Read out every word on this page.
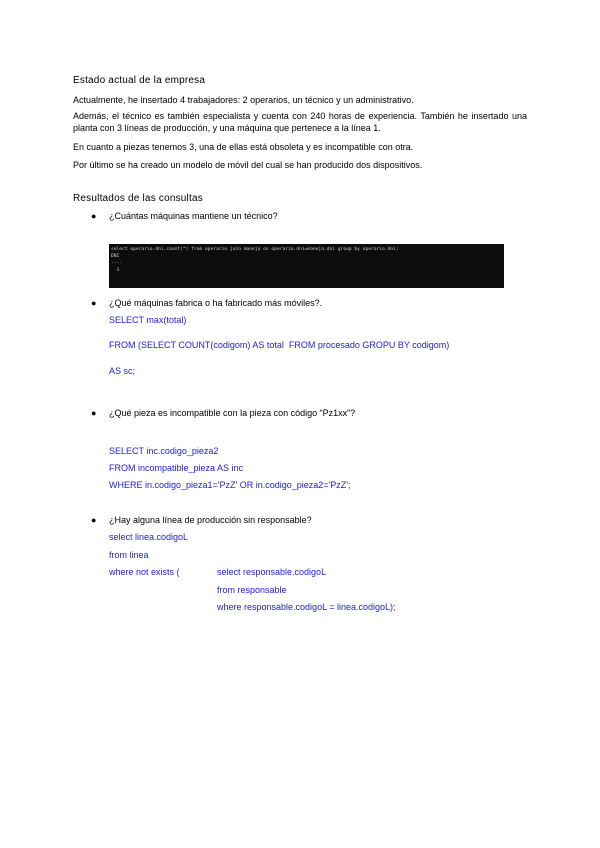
Estado actual de la empresa
Actualmente, he insertado 4 trabajadores: 2 operarios, un técnico y un administrativo.
Además, el técnico es también especialista y cuenta con 240 horas de experiencia. También he insertado una planta con 3 líneas de producción, y una máquina que pertenece a la línea 1.
En cuanto a piezas tenemos 3, una de ellas está obsoleta y es incompatible con otra.
Por último se ha creado un modelo de móvil del cual se han producido dos dispositivos.
Resultados de las consultas
● ¿Cuántas máquinas mantiene un técnico?
select operario.dni,count(*) from operario join maneja on operario.dni=maneja.dni group by operario.dni;
DNI
----
3
● ¿Qué máquinas fabrica o ha fabricado más móviles?.
SELECT max(total)
FROM (SELECT COUNT(codigom) AS total  FROM procesado GROPU BY codigom)
AS sc;
● ¿Qué pieza es incompatible con la pieza con código “Pz1xx”?
SELECT inc.codigo_pieza2
FROM incompatible_pieza AS inc
WHERE in.codigo_pieza1='PzZ' OR in.codigo_pieza2='PzZ';
● ¿Hay alguna línea de producción sin responsable?
select linea.codigoL
from linea
where not exists (	select responsable.codigoL
from responsable
where responsable.codigoL = linea.codigoL);
